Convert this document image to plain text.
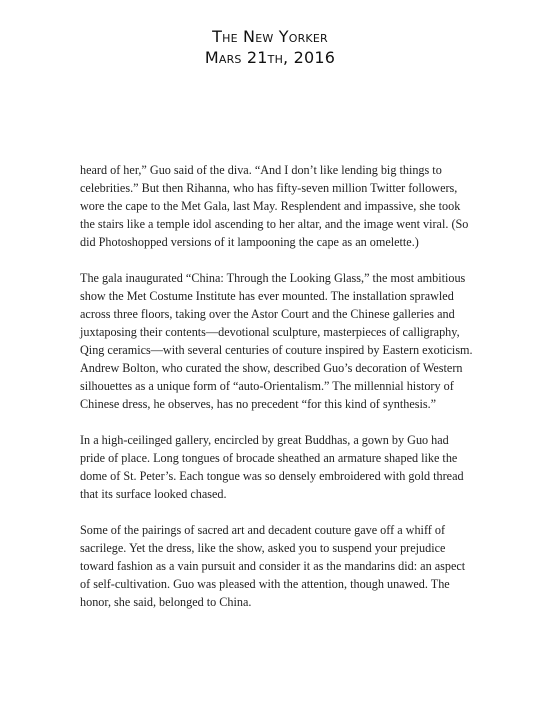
The New Yorker
Mars 21th, 2016

heard of her,” Guo said of the diva. “And I don’t like lending big things to
celebrities.” But then Rihanna, who has fifty-seven million Twitter followers,
wore the cape to the Met Gala, last May. Resplendent and impassive, she took
the stairs like a temple idol ascending to her altar, and the image went viral. (So
did Photoshopped versions of it lampooning the cape as an omelette.)

The gala inaugurated “China: Through the Looking Glass,” the most ambitious
show the Met Costume Institute has ever mounted. The installation sprawled
across three floors, taking over the Astor Court and the Chinese galleries and
juxtaposing their contents—devotional sculpture, masterpieces of calligraphy,
Qing ceramics—with several centuries of couture inspired by Eastern exoticism.
Andrew Bolton, who curated the show, described Guo’s decoration of Western
silhouettes as a unique form of “auto-Orientalism.” The millennial history of
Chinese dress, he observes, has no precedent “for this kind of synthesis.”

In a high-ceilinged gallery, encircled by great Buddhas, a gown by Guo had
pride of place. Long tongues of brocade sheathed an armature shaped like the
dome of St. Peter’s. Each tongue was so densely embroidered with gold thread
that its surface looked chased.

Some of the pairings of sacred art and decadent couture gave off a whiff of
sacrilege. Yet the dress, like the show, asked you to suspend your prejudice
toward fashion as a vain pursuit and consider it as the mandarins did: an aspect
of self-cultivation. Guo was pleased with the attention, though unawed. The
honor, she said, belonged to China.
